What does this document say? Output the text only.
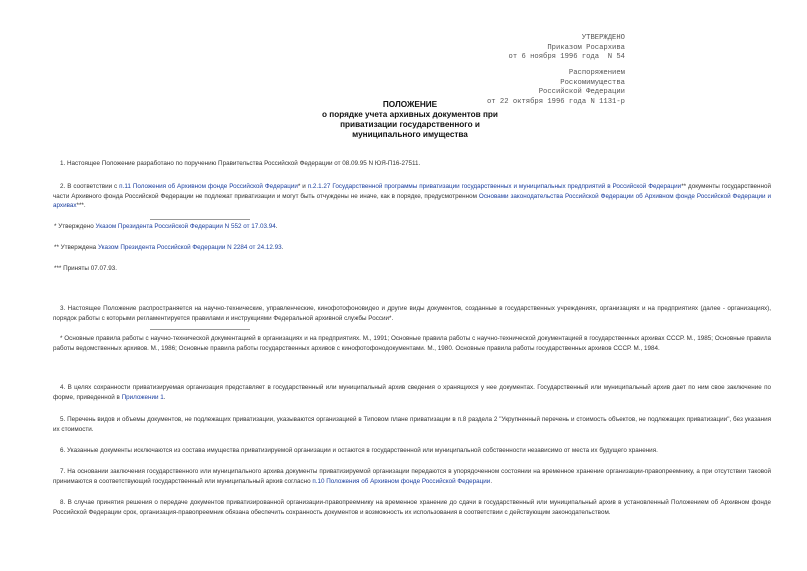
УТВЕРЖДЕНО
Приказом Росархива
от 6 ноября 1996 года  N 54
Распоряжением
Роскомимущества
Российской Федерации
от 22 октября 1996 года N 1131-р
ПОЛОЖЕНИЕ
о порядке учета архивных документов при
приватизации государственного и
муниципального имущества
1. Настоящее Положение разработано по поручению Правительства Российской Федерации от 08.09.95 N ЮЯ-П16-27511.
2. В соответствии с п.11 Положения об Архивном фонде Российской Федерации* и п.2.1.27 Государственной программы приватизации государственных и муниципальных предприятий в Российской Федерации** документы государственной части Архивного фонда Российской Федерации не подлежат приватизации и могут быть отчуждены не иначе, как в порядке, предусмотренном Основами законодательства Российской Федерации об Архивном фонде Российской Федерации и архивах***.
* Утверждено Указом Президента Российской Федерации N 552 от 17.03.94.
** Утверждена Указом Президента Российской Федерации N 2284 от 24.12.93.
*** Приняты 07.07.93.
3. Настоящее Положение распространяется на научно-технические, управленческие, кинофотофоновидео и другие виды документов, созданные в государственных учреждениях, организациях и на предприятиях (далее - организациях), порядок работы с которыми регламентируется правилами и инструкциями Федеральной архивной службы России*.
* Основные правила работы с научно-технической документацией в организациях и на предприятиях. М., 1991; Основные правила работы с научно-технической документацией в государственных архивах СССР. М., 1985; Основные правила работы ведомственных архивов. М., 1986; Основные правила работы государственных архивов с кинофотофонодокументами. М., 1980. Основные правила работы государственных архивов СССР. М., 1984.
4. В целях сохранности приватизируемая организация представляет в государственный или муниципальный архив сведения о хранящихся у нее документах. Государственный или муниципальный архив дает по ним свое заключение по форме, приведенной в Приложении 1.
5. Перечень видов и объемы документов, не подлежащих приватизации, указываются организацией в Типовом плане приватизации в п.8 раздела 2 "Укрупненный перечень и стоимость объектов, не подлежащих приватизации", без указания их стоимости.
6. Указанные документы исключаются из состава имущества приватизируемой организации и остаются в государственной или муниципальной собственности независимо от места их будущего хранения.
7. На основании заключения государственного или муниципального архива документы приватизируемой организации передаются в упорядоченном состоянии на временное хранение организации-правопреемнику, а при отсутствии таковой принимаются в соответствующий государственный или муниципальный архив согласно п.10 Положения об Архивном фонде Российской Федерации.
8. В случае принятия решения о передаче документов приватизированной организации-правопреемнику на временное хранение до сдачи в государственный или муниципальный архив в установленный Положением об Архивном фонде Российской Федерации срок, организация-правопреемник обязана обеспечить сохранность документов и возможность их использования в соответствии с действующим законодательством.
